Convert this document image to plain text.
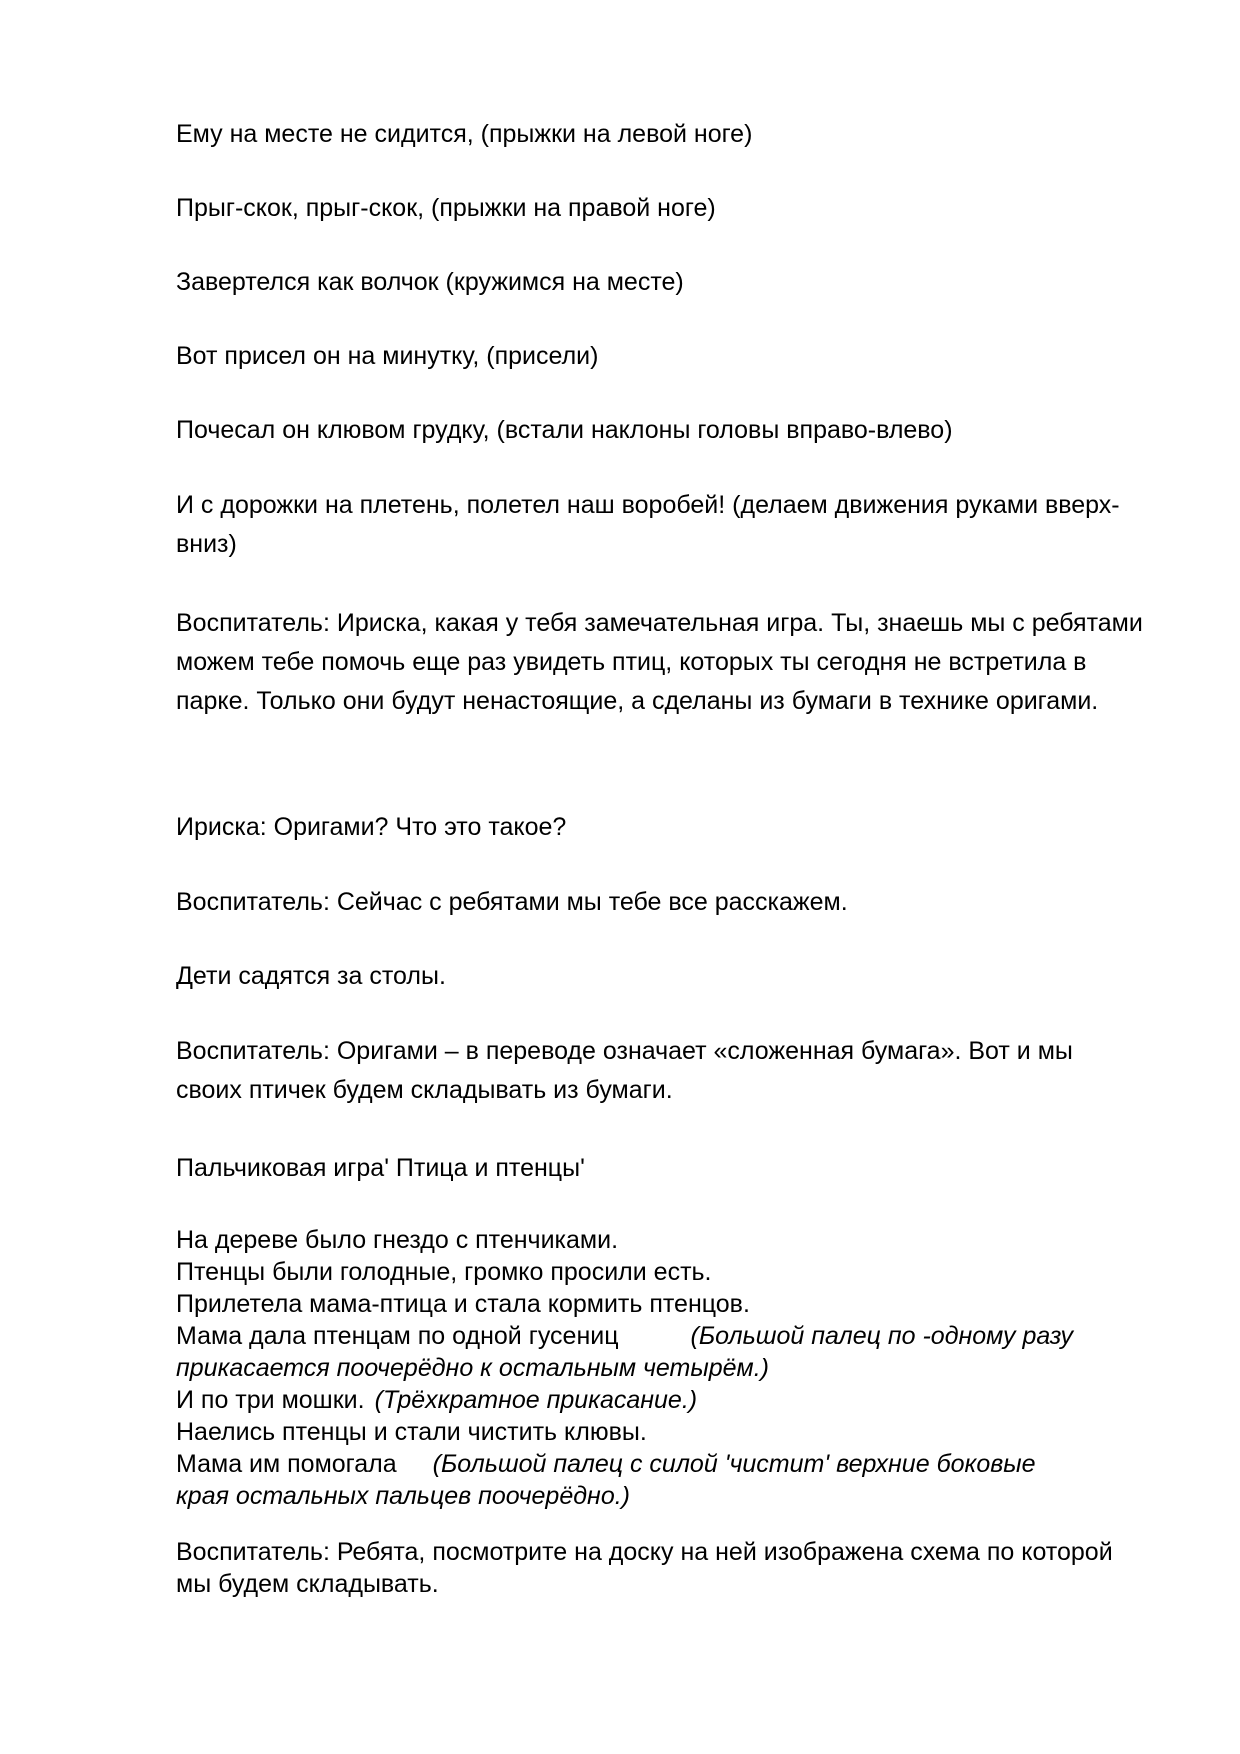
Ему на месте не сидится, (прыжки на левой ноге)

Прыг-скок, прыг-скок, (прыжки на правой ноге)

Завертелся как волчок (кружимся на месте)

Вот присел он на минутку, (присели)

Почесал он клювом грудку, (встали наклоны головы вправо-влево)

И с дорожки на плетень, полетел наш воробей! (делаем движения руками вверх-вниз)

Воспитатель: Ириска, какая у тебя замечательная игра. Ты, знаешь мы с ребятами можем тебе помочь еще раз увидеть птиц, которых ты сегодня не встретила в парке. Только они будут ненастоящие, а сделаны из бумаги в технике оригами.

Ириска: Оригами? Что это такое?

Воспитатель: Сейчас с ребятами мы тебе все расскажем.

Дети садятся за столы.

Воспитатель: Оригами – в переводе означает «сложенная бумага». Вот и мы своих птичек будем складывать из бумаги.

Пальчиковая игра' Птица и птенцы'

На дереве было гнездо с птенчиками.
Птенцы были голодные, громко просили есть.
Прилетела мама-птица и стала кормить птенцов.
Мама дала птенцам по одной гусениц	(Большой палец по -одному разу
прикасается поочерёдно к остальным четырём.)
И по три мошки. (Трёхкратное прикасание.)
Наелись птенцы и стали чистить клювы.
Мама им помогала (Большой палец с силой 'чистит' верхние боковые
края остальных пальцев поочерёдно.)

Воспитатель: Ребята, посмотрите на доску на ней изображена схема по которой мы будем складывать.
